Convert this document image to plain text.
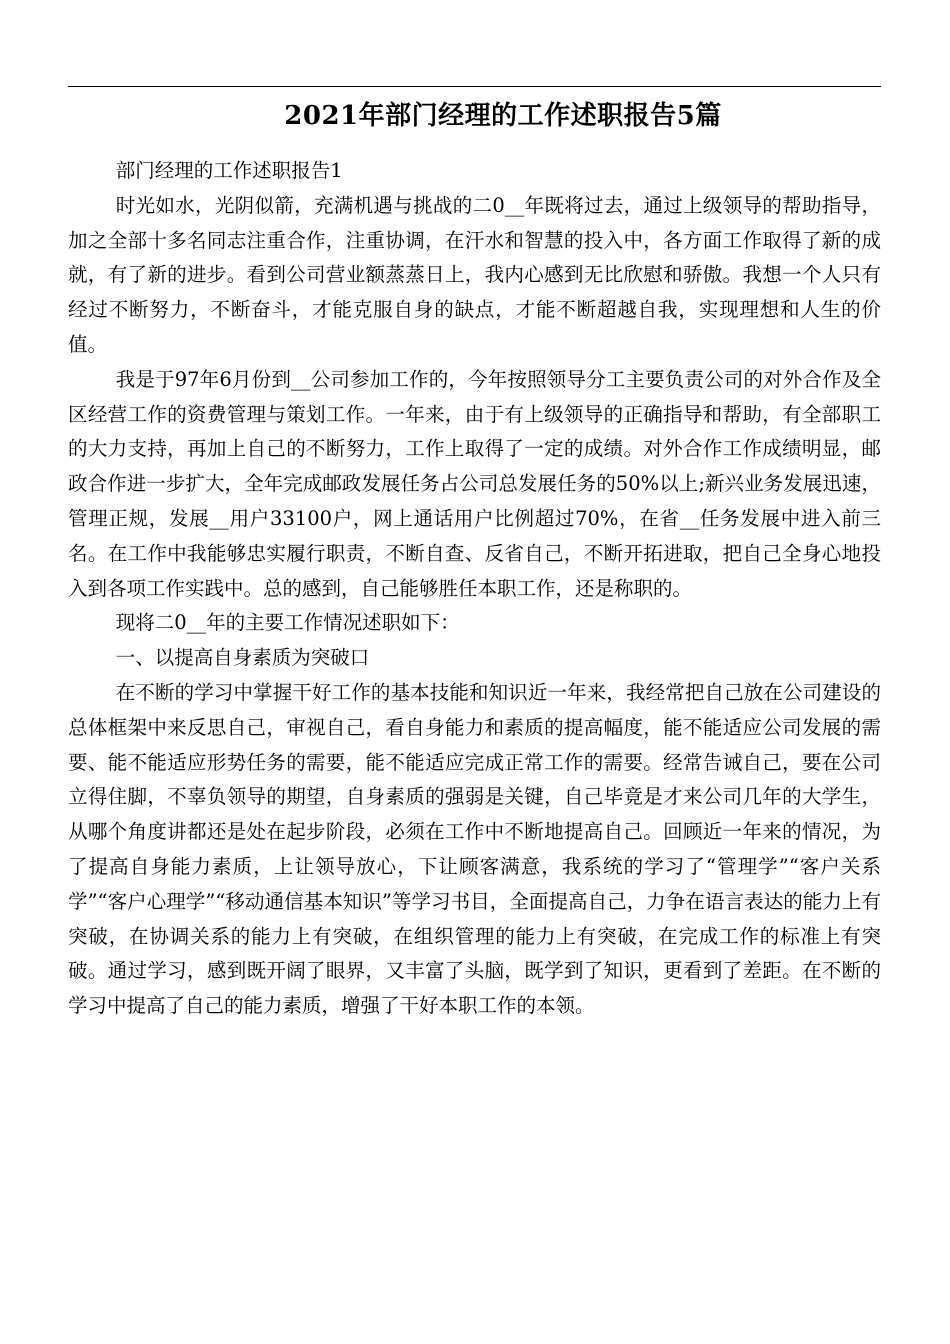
2021年部门经理的工作述职报告5篇

部门经理的工作述职报告1

时光如水，光阴似箭，充满机遇与挑战的二0__年既将过去，通过上级领导的帮助指导，加之全部十多名同志注重合作，注重协调，在汗水和智慧的投入中，各方面工作取得了新的成就，有了新的进步。看到公司营业额蒸蒸日上，我内心感到无比欣慰和骄傲。我想一个人只有经过不断努力，不断奋斗，才能克服自身的缺点，才能不断超越自我，实现理想和人生的价值。

我是于97年6月份到__公司参加工作的，今年按照领导分工主要负责公司的对外合作及全区经营工作的资费管理与策划工作。一年来，由于有上级领导的正确指导和帮助，有全部职工的大力支持，再加上自己的不断努力，工作上取得了一定的成绩。对外合作工作成绩明显，邮政合作进一步扩大，全年完成邮政发展任务占公司总发展任务的50%以上;新兴业务发展迅速，管理正规，发展__用户33100户，网上通话用户比例超过70%，在省__任务发展中进入前三名。在工作中我能够忠实履行职责，不断自查、反省自己，不断开拓进取，把自己全身心地投入到各项工作实践中。总的感到，自己能够胜任本职工作，还是称职的。

现将二0__年的主要工作情况述职如下：

一、以提高自身素质为突破口

在不断的学习中掌握干好工作的基本技能和知识近一年来，我经常把自己放在公司建设的总体框架中来反思自己，审视自己，看自身能力和素质的提高幅度，能不能适应公司发展的需要、能不能适应形势任务的需要，能不能适应完成正常工作的需要。经常告诫自己，要在公司立得住脚，不辜负领导的期望，自身素质的强弱是关键，自己毕竟是才来公司几年的大学生，从哪个角度讲都还是处在起步阶段，必须在工作中不断地提高自己。回顾近一年来的情况，为了提高自身能力素质，上让领导放心，下让顾客满意，我系统的学习了“管理学”“客户关系学”“客户心理学”“移动通信基本知识”等学习书目，全面提高自己，力争在语言表达的能力上有突破，在协调关系的能力上有突破，在组织管理的能力上有突破，在完成工作的标准上有突破。通过学习，感到既开阔了眼界，又丰富了头脑，既学到了知识，更看到了差距。在不断的学习中提高了自己的能力素质，增强了干好本职工作的本领。
